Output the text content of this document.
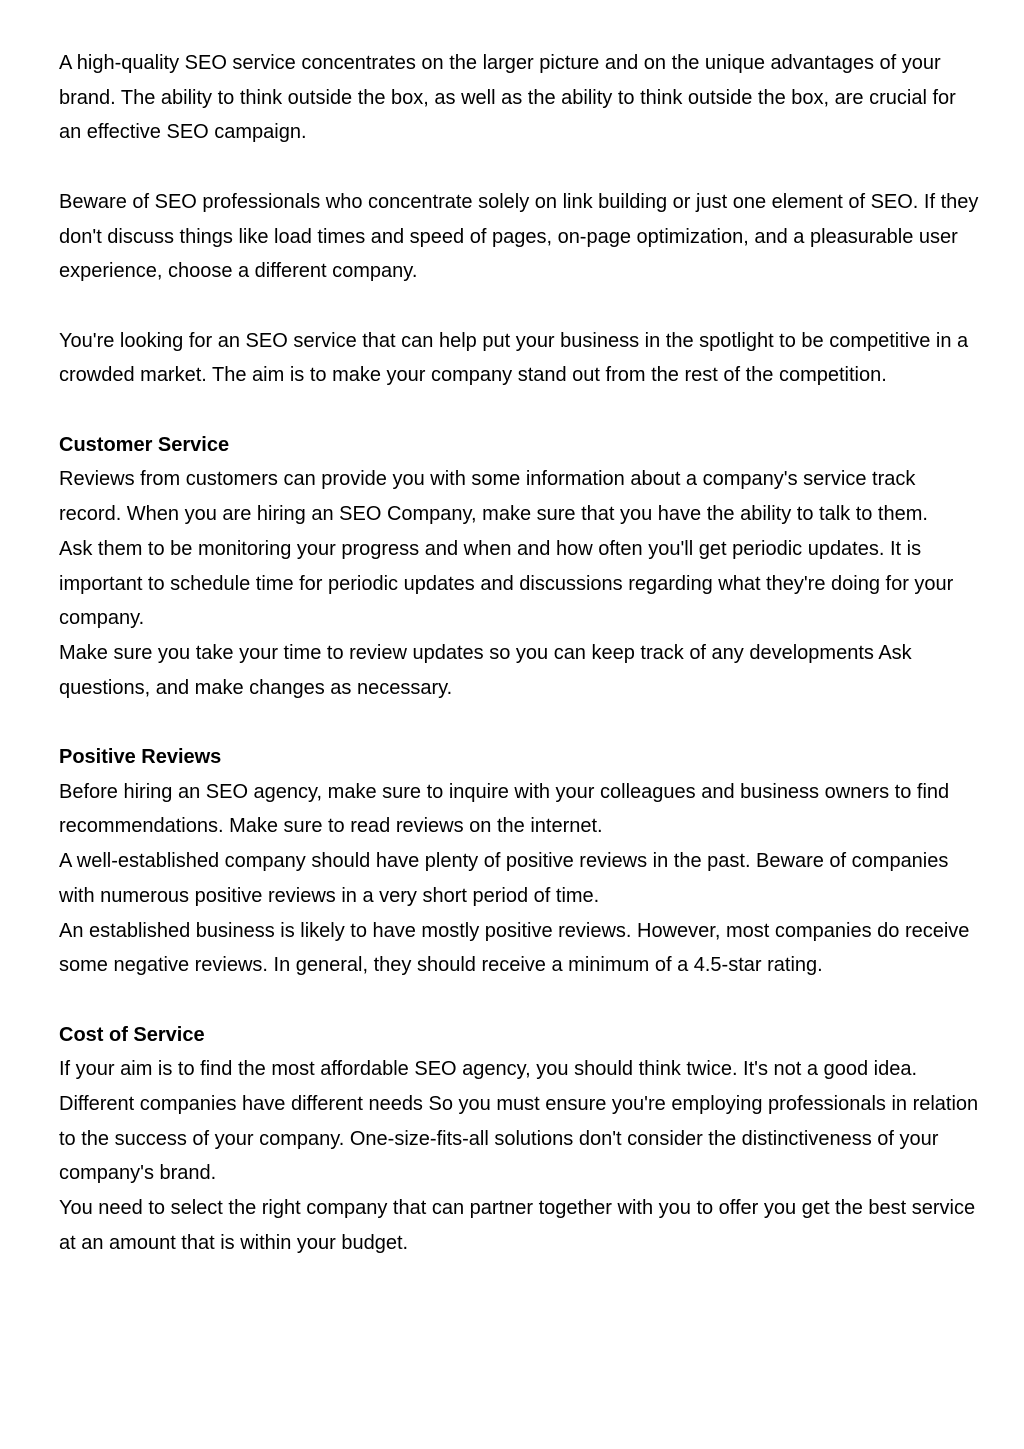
A high-quality SEO service concentrates on the larger picture and on the unique advantages of your brand. The ability to think outside the box, as well as the ability to think outside the box, are crucial for an effective SEO campaign.

Beware of SEO professionals who concentrate solely on link building or just one element of SEO. If they don't discuss things like load times and speed of pages, on-page optimization, and a pleasurable user experience, choose a different company.

You're looking for an SEO service that can help put your business in the spotlight to be competitive in a crowded market. The aim is to make your company stand out from the rest of the competition.

Customer Service

Reviews from customers can provide you with some information about a company's service track record. When you are hiring an SEO Company, make sure that you have the ability to talk to them.

Ask them to be monitoring your progress and when and how often you'll get periodic updates. It is important to schedule time for periodic updates and discussions regarding what they're doing for your company.

Make sure you take your time to review updates so you can keep track of any developments Ask questions, and make changes as necessary.

Positive Reviews

Before hiring an SEO agency, make sure to inquire with your colleagues and business owners to find recommendations. Make sure to read reviews on the internet.

A well-established company should have plenty of positive reviews in the past. Beware of companies with numerous positive reviews in a very short period of time.

An established business is likely to have mostly positive reviews. However, most companies do receive some negative reviews. In general, they should receive a minimum of a 4.5-star rating.

Cost of Service

If your aim is to find the most affordable SEO agency, you should think twice. It's not a good idea.

Different companies have different needs So you must ensure you're employing professionals in relation to the success of your company. One-size-fits-all solutions don't consider the distinctiveness of your company's brand.

You need to select the right company that can partner together with you to offer you get the best service at an amount that is within your budget.
